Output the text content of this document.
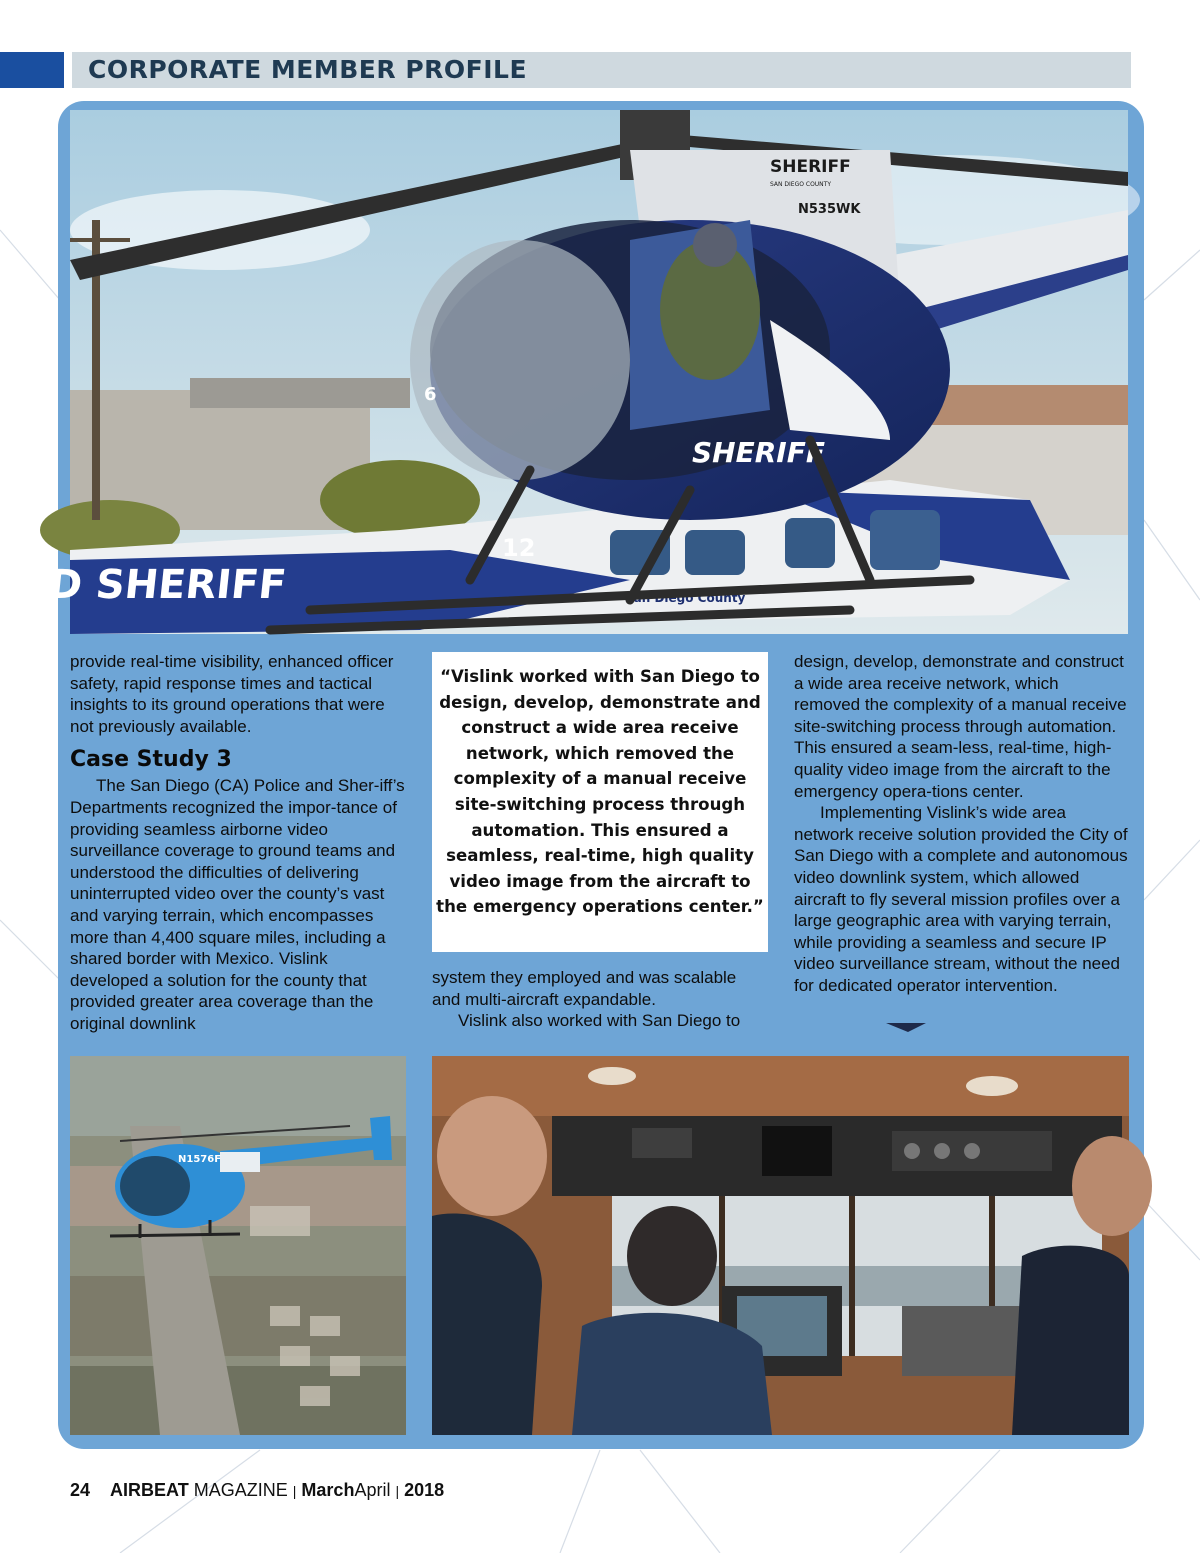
CORPORATE MEMBER PROFILE
SD SHERIFF	San Diego County
12
SHERIFF
SAN DIEGO COUNTY
N535WK
SHERIFF
6

provide real-time visibility, enhanced officer safety, rapid response times and tactical insights to its ground operations that were not previously available.

Case Study 3

The San Diego (CA) Police and Sher-iff’s Departments recognized the impor-tance of providing seamless airborne video surveillance coverage to ground teams and understood the difficulties of delivering uninterrupted video over the county’s vast and varying terrain, which encompasses more than 4,400 square miles, including a shared border with Mexico. Vislink developed a solution for the county that provided greater area coverage than the original downlink

“Vislink worked with San Diego to design, develop, demonstrate and construct a wide area receive network, which removed the complexity of a manual receive site-switching process through automation. This ensured a seamless, real-time, high quality video image from the aircraft to the emergency operations center.”

system they employed and was scalable and multi-aircraft expandable.

Vislink also worked with San Diego to

design, develop, demonstrate and construct a wide area receive network, which removed the complexity of a manual receive site-switching process through automation. This ensured a seam-less, real-time, high-quality video image from the aircraft to the emergency opera-tions center.

Implementing Vislink’s wide area network receive solution provided the City of San Diego with a complete and autonomous video downlink system, which allowed aircraft to fly several mission profiles over a large geographic area with varying terrain, while providing a seamless and secure IP video surveillance stream, without the need for dedicated operator intervention.

N1576F
24 AIRBEAT MAGAZINE | MarchApril | 2018
